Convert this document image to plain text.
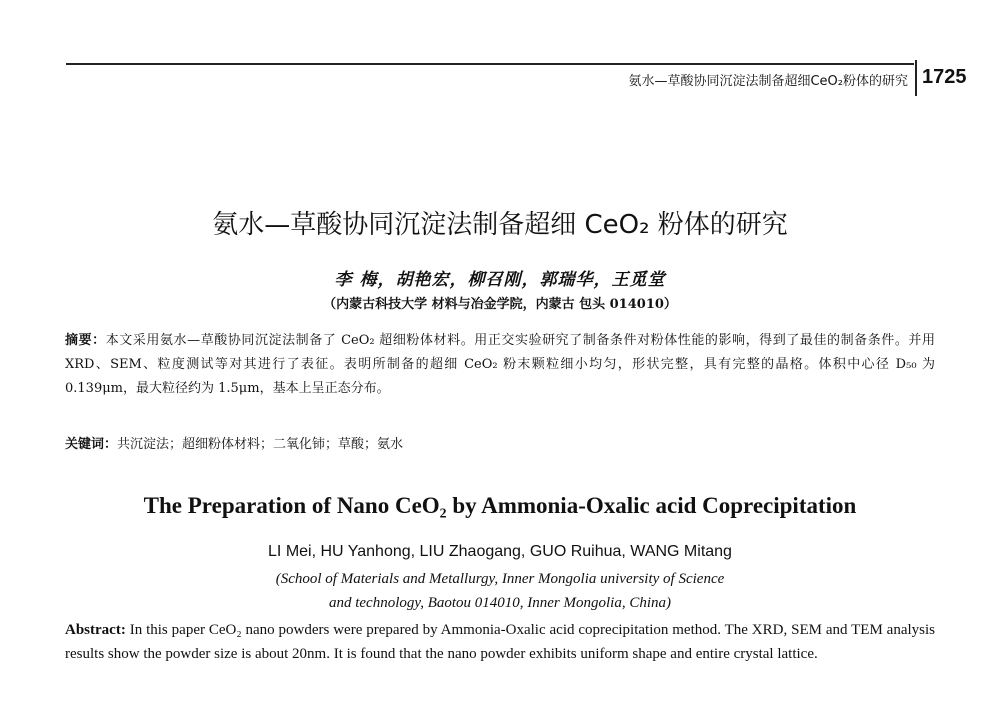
氨水—草酸协同沉淀法制备超细CeO₂粉体的研究 1725
氨水—草酸协同沉淀法制备超细 CeO₂ 粉体的研究
李 梅，胡艳宏，柳召刚，郭瑞华，王觅堂
（内蒙古科技大学 材料与冶金学院，内蒙古 包头 014010）
摘要：本文采用氨水—草酸协同沉淀法制备了 CeO₂ 超细粉体材料。用正交实验研究了制备条件对粉体性能的影响，得到了最佳的制备条件。并用 XRD、SEM、粒度测试等对其进行了表征。表明所制备的超细 CeO₂ 粉末颗粒细小均匀，形状完整，具有完整的晶格。体积中心径 D₅₀ 为 0.139μm，最大粒径约为 1.5μm，基本上呈正态分布。
关键词：共沉淀法；超细粉体材料；二氧化铈；草酸；氨水
The Preparation of Nano CeO₂ by Ammonia-Oxalic acid Coprecipitation
LI Mei, HU Yanhong, LIU Zhaogang, GUO Ruihua, WANG Mitang
(School of Materials and Metallurgy, Inner Mongolia university of Science
and technology, Baotou 014010, Inner Mongolia, China)
Abstract: In this paper CeO₂ nano powders were prepared by Ammonia-Oxalic acid coprecipitation method. The XRD, SEM and TEM analysis results show the powder size is about 20nm. It is found that the nano powder exhibits uniform shape and entire crystal lattice.
